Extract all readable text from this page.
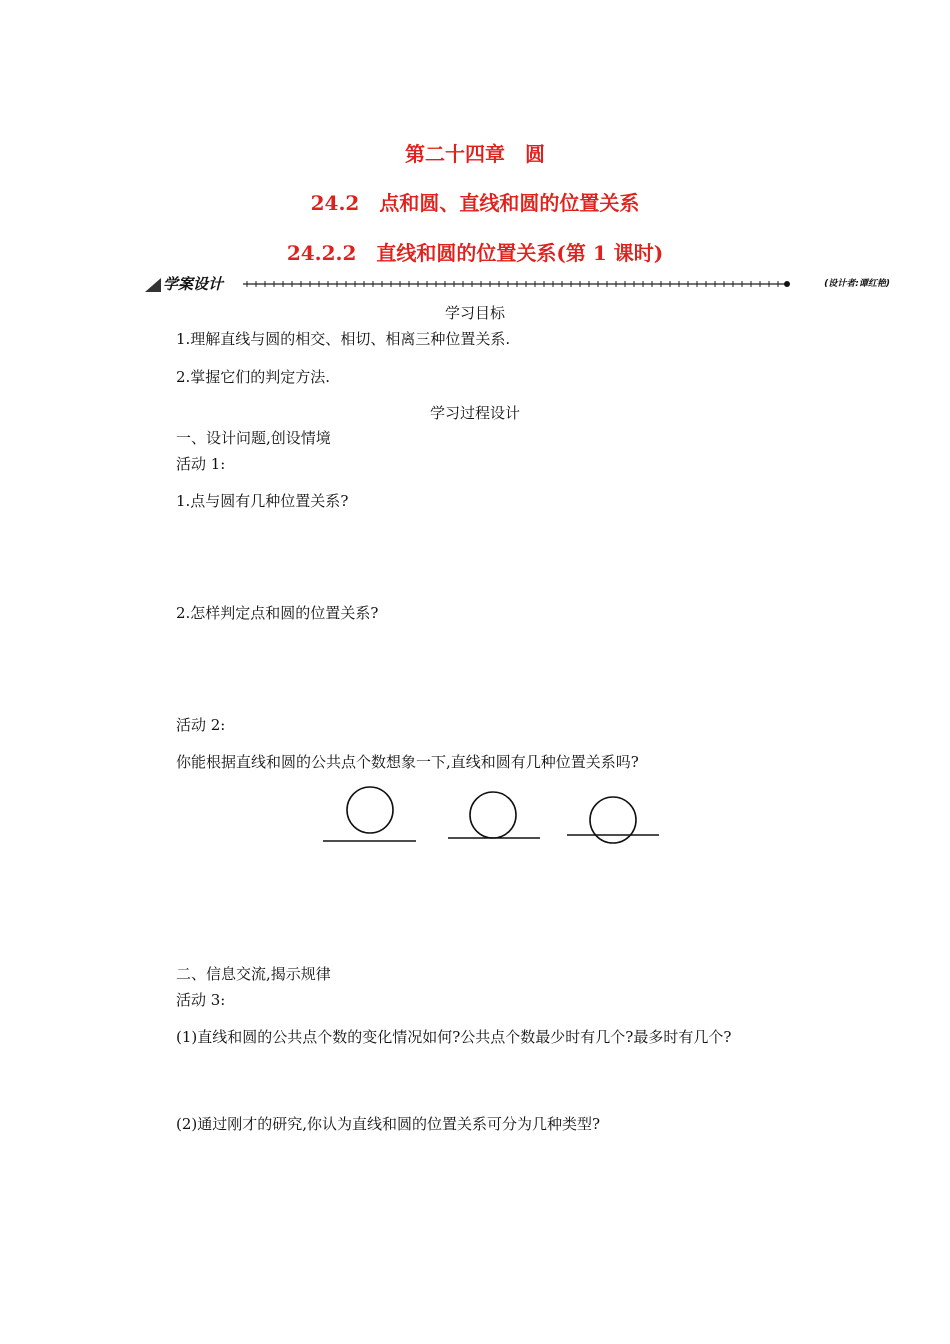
第二十四章　圆
24.2　点和圆、直线和圆的位置关系
24.2.2　直线和圆的位置关系(第 1 课时)
学案设计	(设计者:谭红艳)
学习目标
1.理解直线与圆的相交、相切、相离三种位置关系.
2.掌握它们的判定方法.
学习过程设计
一、设计问题,创设情境
活动 1:
1.点与圆有几种位置关系?
2.怎样判定点和圆的位置关系?
活动 2:
你能根据直线和圆的公共点个数想象一下,直线和圆有几种位置关系吗?
二、信息交流,揭示规律
活动 3:
(1)直线和圆的公共点个数的变化情况如何?公共点个数最少时有几个?最多时有几个?
(2)通过刚才的研究,你认为直线和圆的位置关系可分为几种类型?
